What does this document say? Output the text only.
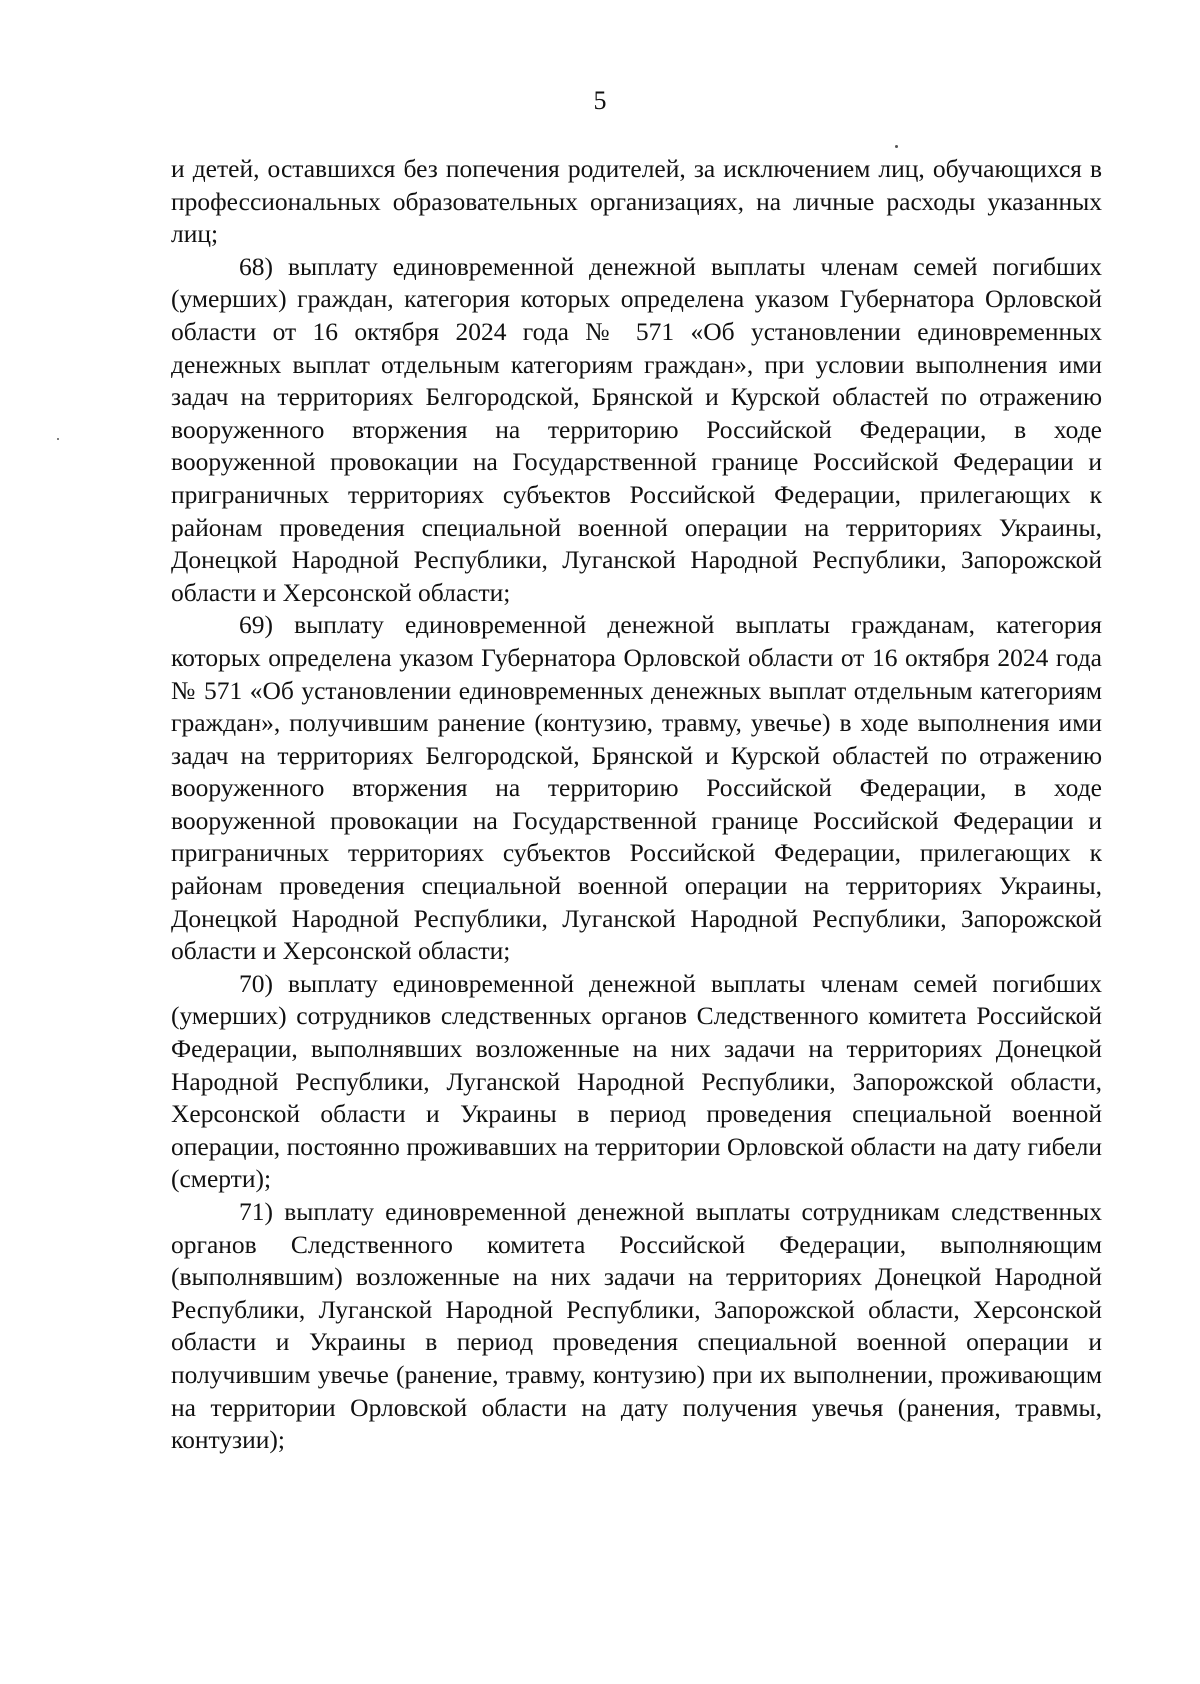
5

и детей, оставшихся без попечения родителей, за исключением лиц, обучающихся в профессиональных образовательных организациях, на личные расходы указанных лиц;

68) выплату единовременной денежной выплаты членам семей погибших (умерших) граждан, категория которых определена указом Губернатора Орловской области от 16 октября 2024 года № 571 «Об установлении единовременных денежных выплат отдельным категориям граждан», при условии выполнения ими задач на территориях Белгородской, Брянской и Курской областей по отражению вооруженного вторжения на территорию Российской Федерации, в ходе вооруженной провокации на Государственной границе Российской Федерации и приграничных территориях субъектов Российской Федерации, прилегающих к районам проведения специальной военной операции на территориях Украины, Донецкой Народной Республики, Луганской Народной Республики, Запорожской области и Херсонской области;

69) выплату единовременной денежной выплаты гражданам, категория которых определена указом Губернатора Орловской области от 16 октября 2024 года № 571 «Об установлении единовременных денежных выплат отдельным категориям граждан», получившим ранение (контузию, травму, увечье) в ходе выполнения ими задач на территориях Белгородской, Брянской и Курской областей по отражению вооруженного вторжения на территорию Российской Федерации, в ходе вооруженной провокации на Государственной границе Российской Федерации и приграничных территориях субъектов Российской Федерации, прилегающих к районам проведения специальной военной операции на территориях Украины, Донецкой Народной Республики, Луганской Народной Республики, Запорожской области и Херсонской области;

70) выплату единовременной денежной выплаты членам семей погибших (умерших) сотрудников следственных органов Следственного комитета Российской Федерации, выполнявших возложенные на них задачи на территориях Донецкой Народной Республики, Луганской Народной Республики, Запорожской области, Херсонской области и Украины в период проведения специальной военной операции, постоянно проживавших на территории Орловской области на дату гибели (смерти);

71) выплату единовременной денежной выплаты сотрудникам следственных органов Следственного комитета Российской Федерации, выполняющим (выполнявшим) возложенные на них задачи на территориях Донецкой Народной Республики, Луганской Народной Республики, Запорожской области, Херсонской области и Украины в период проведения специальной военной операции и получившим увечье (ранение, травму, контузию) при их выполнении, проживающим на территории Орловской области на дату получения увечья (ранения, травмы, контузии);
